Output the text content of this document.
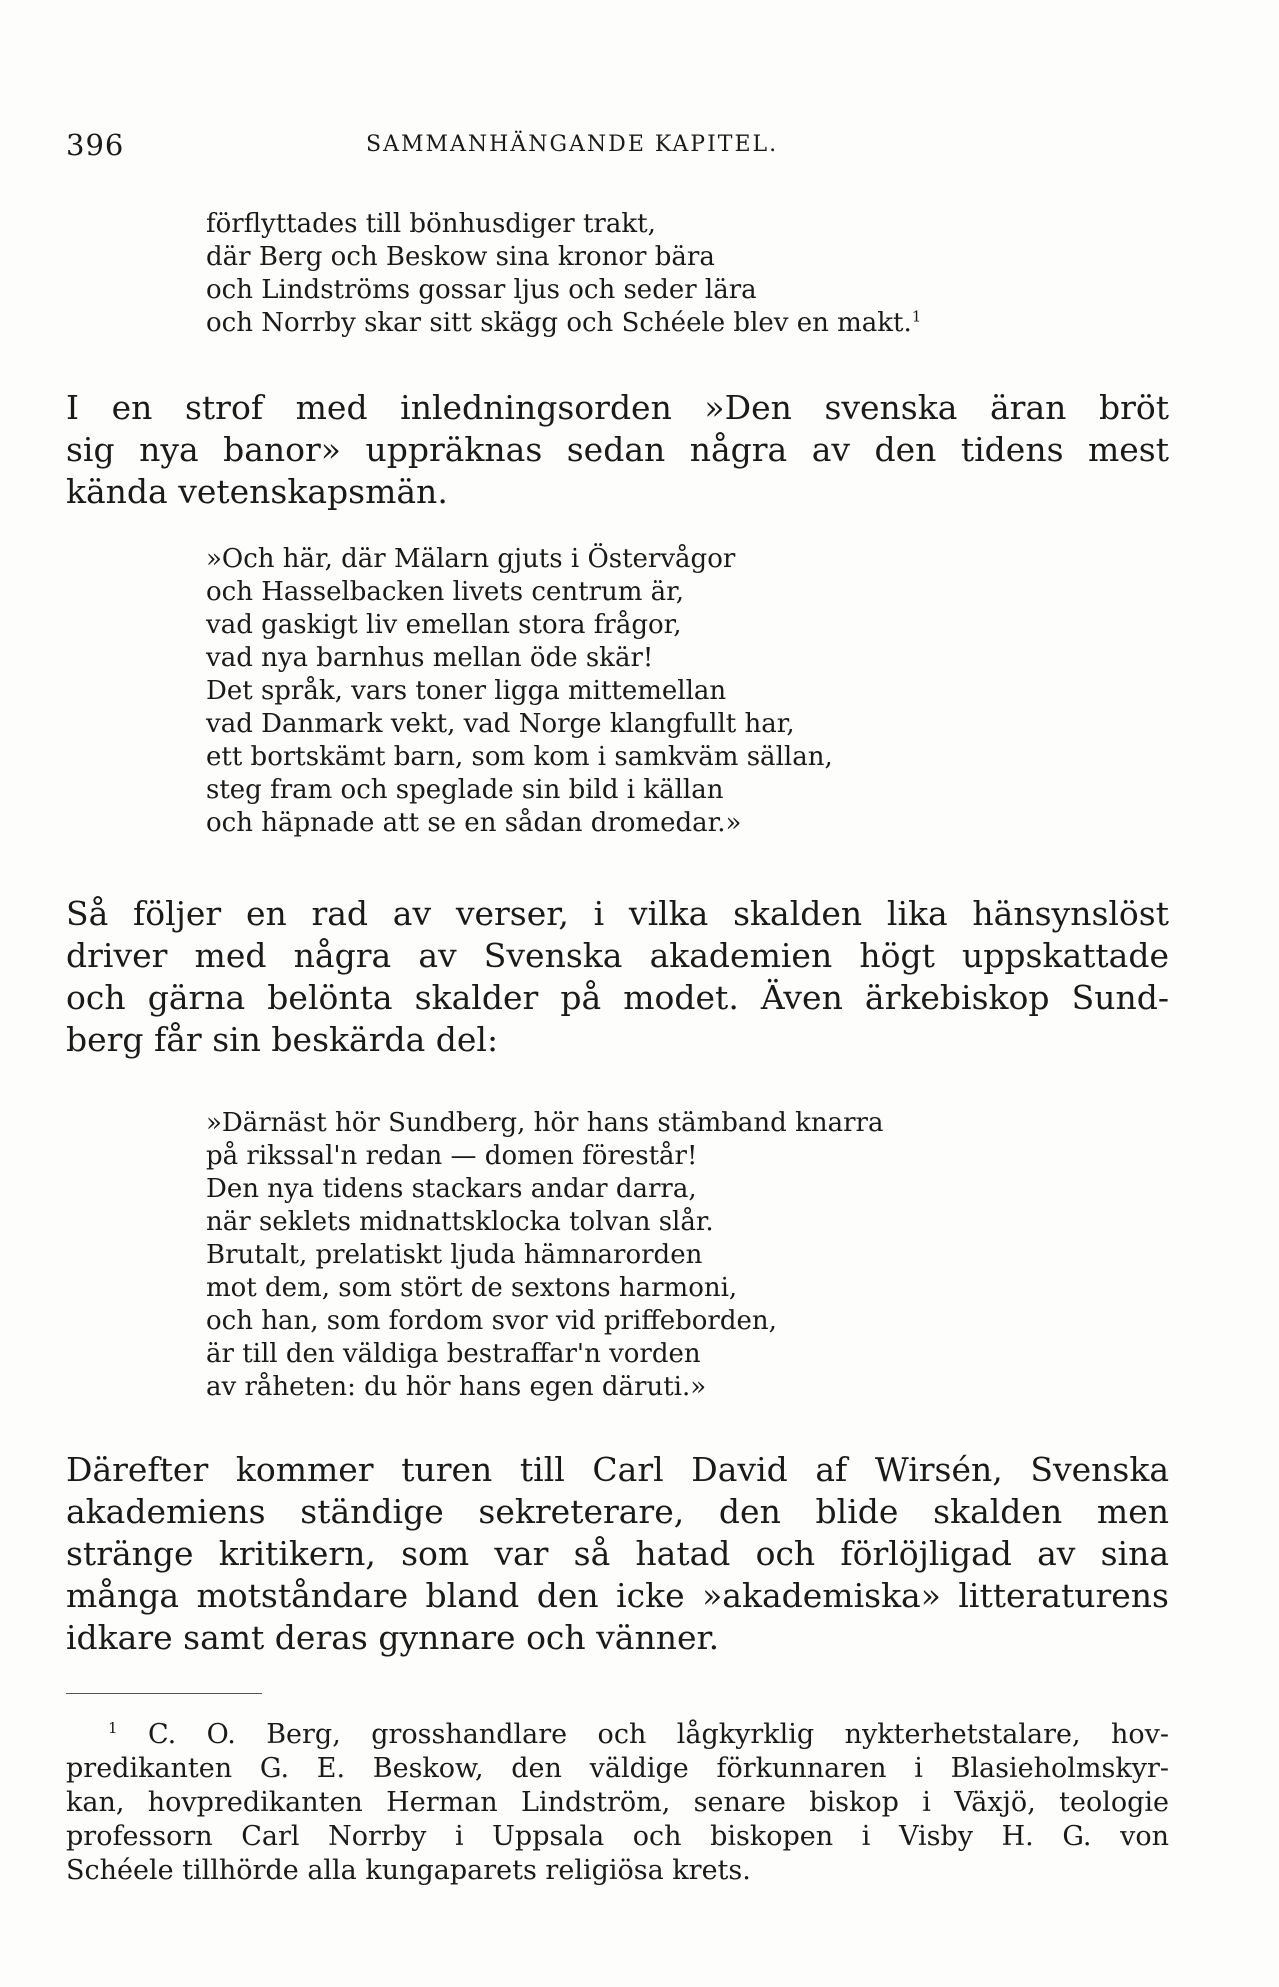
396	SAMMANHÄNGANDE KAPITEL.
förflyttades till bönhusdiger trakt,
där Berg och Beskow sina kronor bära
och Lindströms gossar ljus och seder lära
och Norrby skar sitt skägg och Schéele blev en makt.$^1$
I en strof med inledningsorden »Den svenska äran bröt
sig nya banor» uppräknas sedan några av den tidens mest
kända vetenskapsmän.
»Och här, där Mälarn gjuts i Östervågor
och Hasselbacken livets centrum är,
vad gaskigt liv emellan stora frågor,
vad nya barnhus mellan öde skär!
Det språk, vars toner ligga mittemellan
vad Danmark vekt, vad Norge klangfullt har,
ett bortskämt barn, som kom i samkväm sällan,
steg fram och speglade sin bild i källan
och häpnade att se en sådan dromedar.»
Så följer en rad av verser, i vilka skalden lika hänsynslöst
driver med några av Svenska akademien högt uppskattade
och gärna belönta skalder på modet. Även ärkebiskop Sund-
berg får sin beskärda del:
»Därnäst hör Sundberg, hör hans stämband knarra
på rikssal'n redan — domen förestår!
Den nya tidens stackars andar darra,
när seklets midnattsklocka tolvan slår.
Brutalt, prelatiskt ljuda hämnarorden
mot dem, som stört de sextons harmoni,
och han, som fordom svor vid priffeborden,
är till den väldiga bestraffar'n vorden
av råheten: du hör hans egen däruti.»
Därefter kommer turen till Carl David af Wirsén, Svenska
akademiens ständige sekreterare, den blide skalden men
stränge kritikern, som var så hatad och förlöjligad av sina
många motståndare bland den icke »akademiska» litteraturens
idkare samt deras gynnare och vänner.
$^1$ C. O. Berg, grosshandlare och lågkyrklig nykterhetstalare, hov-
predikanten G. E. Beskow, den väldige förkunnaren i Blasieholmskyr-
kan, hovpredikanten Herman Lindström, senare biskop i Växjö, teologie
professorn Carl Norrby i Uppsala och biskopen i Visby H. G. von
Schéele tillhörde alla kungaparets religiösa krets.
